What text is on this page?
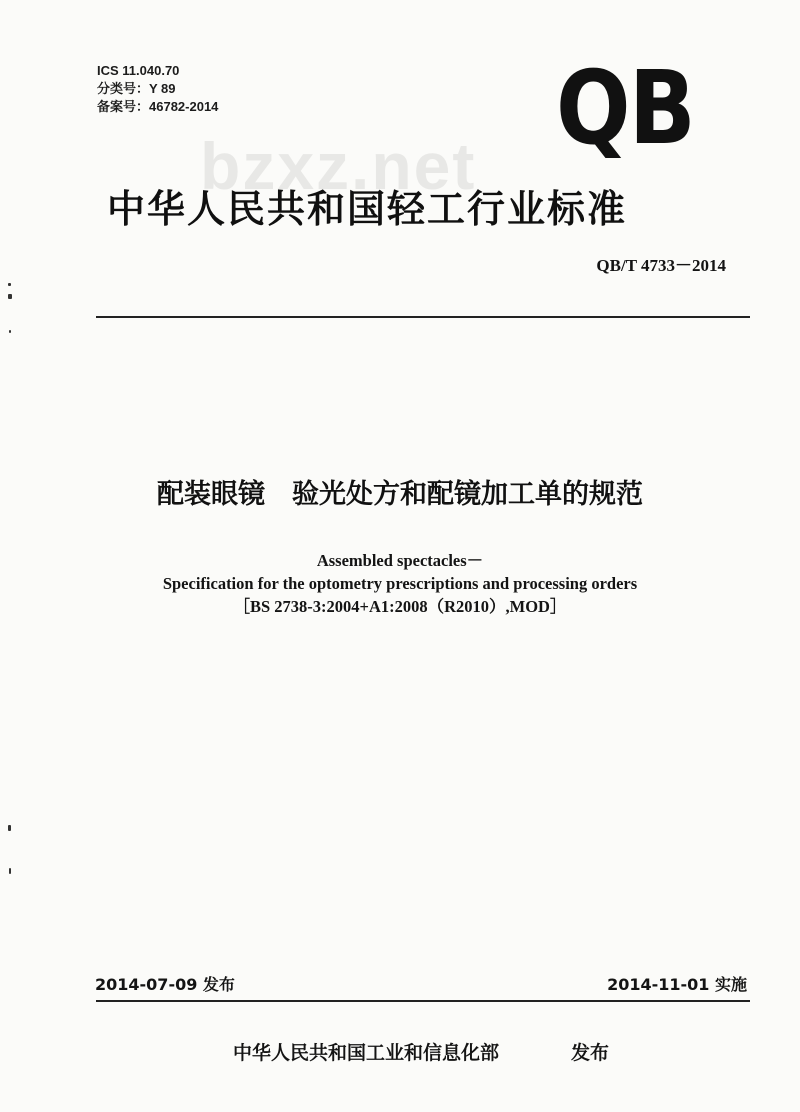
bzxz.net
ICS 11.040.70
分类号：Y 89
备案号：46782-2014	QB
中华人民共和国轻工行业标准
QB/T 4733－2014
配装眼镜　验光处方和配镜加工单的规范
Assembled spectacles－
Specification for the optometry prescriptions and processing orders
［BS 2738-3:2004+A1:2008（R2010）,MOD］
2014-07-09 发布	2014-11-01 实施
中华人民共和国工业和信息化部	发布
